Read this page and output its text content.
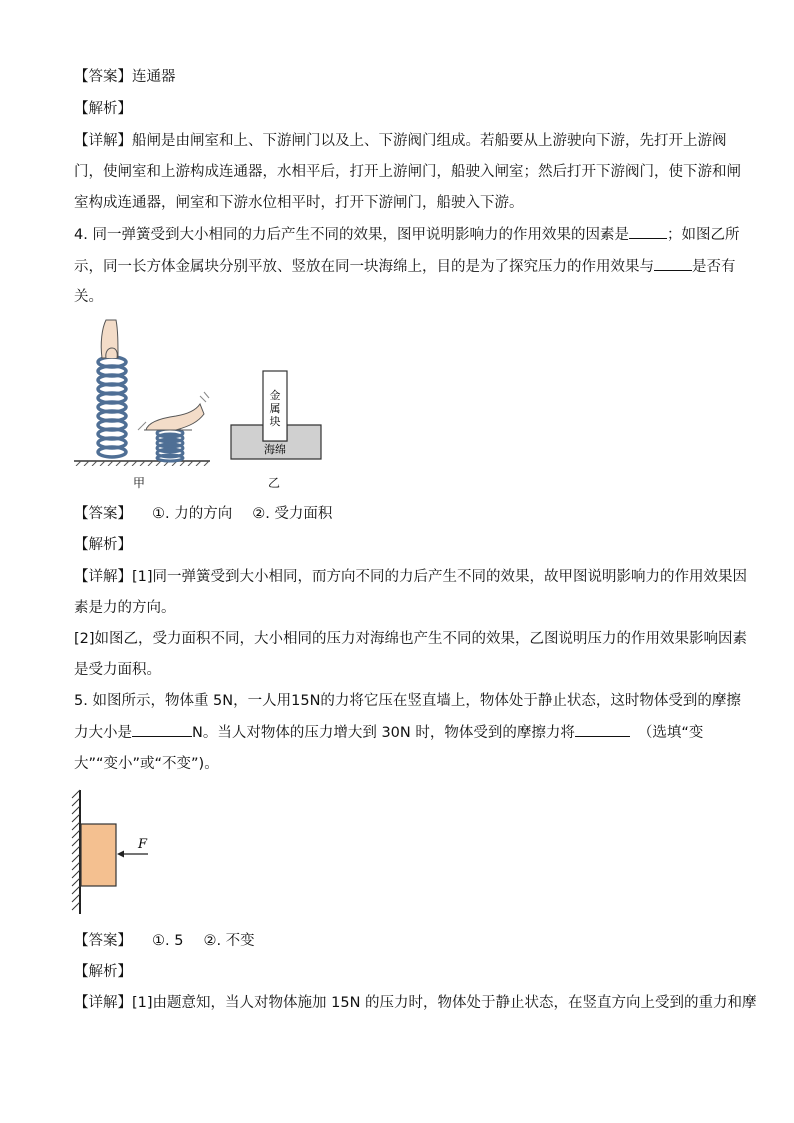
【答案】连通器
【解析】
【详解】船闸是由闸室和上、下游闸门以及上、下游阀门组成。若船要从上游驶向下游，先打开上游阀
门，使闸室和上游构成连通器，水相平后，打开上游闸门，船驶入闸室；然后打开下游阀门，使下游和闸
室构成连通器，闸室和下游水位相平时，打开下游闸门，船驶入下游。
4. 同一弹簧受到大小相同的力后产生不同的效果，图甲说明影响力的作用效果的因素是	；如图乙所
示，同一长方体金属块分别平放、竖放在同一块海绵上，目的是为了探究压力的作用效果与	是否有
关。
甲
金
属
块
海绵
乙
【答案】 ①. 力的方向 ②. 受力面积
【解析】
【详解】[1]同一弹簧受到大小相同，而方向不同的力后产生不同的效果，故甲图说明影响力的作用效果因
素是力的方向。
[2]如图乙，受力面积不同，大小相同的压力对海绵也产生不同的效果，乙图说明压力的作用效果影响因素
是受力面积。
5. 如图所示，物体重 5N，一人用15N的力将它压在竖直墙上，物体处于静止状态，这时物体受到的摩擦
力大小是	N。当人对物体的压力增大到 30N 时，物体受到的摩擦力将	（选填“变
大”“变小”或“不变”)。
F
【答案】 ①. 5 ②. 不变
【解析】
【详解】[1]由题意知，当人对物体施加 15N 的压力时，物体处于静止状态，在竖直方向上受到的重力和摩
